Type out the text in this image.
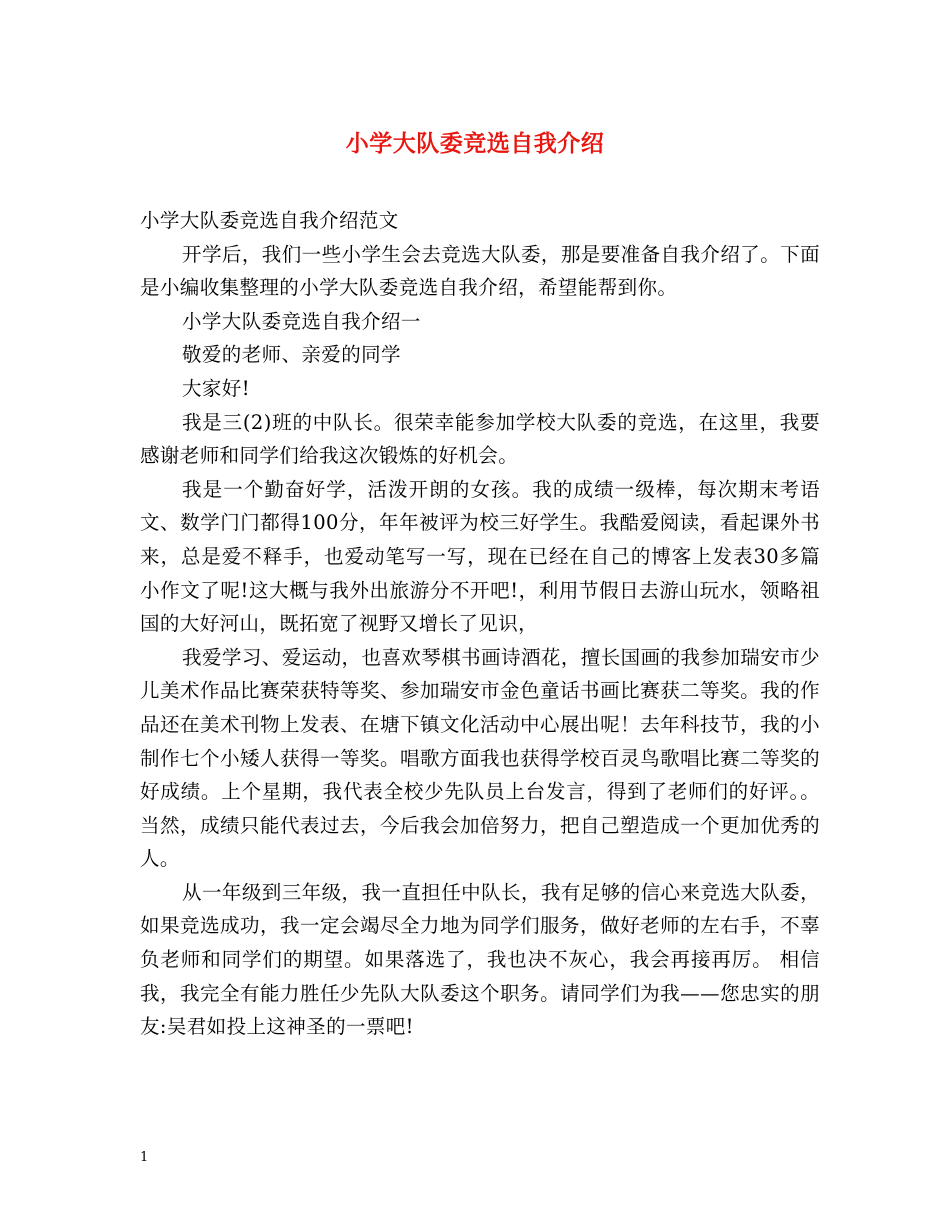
小学大队委竞选自我介绍

小学大队委竞选自我介绍范文

开学后，我们一些小学生会去竞选大队委，那是要准备自我介绍了。下面是小编收集整理的小学大队委竞选自我介绍，希望能帮到你。

小学大队委竞选自我介绍一

敬爱的老师、亲爱的同学

大家好!

我是三(2)班的中队长。很荣幸能参加学校大队委的竞选，在这里，我要感谢老师和同学们给我这次锻炼的好机会。

我是一个勤奋好学，活泼开朗的女孩。我的成绩一级棒，每次期末考语文、数学门门都得100分，年年被评为校三好学生。我酷爱阅读，看起课外书来，总是爱不释手，也爱动笔写一写，现在已经在自己的博客上发表30多篇小作文了呢!这大概与我外出旅游分不开吧!，利用节假日去游山玩水，领略祖国的大好河山，既拓宽了视野又增长了见识，

我爱学习、爱运动，也喜欢琴棋书画诗酒花，擅长国画的我参加瑞安市少儿美术作品比赛荣获特等奖、参加瑞安市金色童话书画比赛获二等奖。我的作品还在美术刊物上发表、在塘下镇文化活动中心展出呢！去年科技节，我的小制作七个小矮人获得一等奖。唱歌方面我也获得学校百灵鸟歌唱比赛二等奖的好成绩。上个星期，我代表全校少先队员上台发言，得到了老师们的好评。。当然，成绩只能代表过去，今后我会加倍努力，把自己塑造成一个更加优秀的人。

从一年级到三年级，我一直担任中队长，我有足够的信心来竞选大队委，如果竞选成功，我一定会竭尽全力地为同学们服务，做好老师的左右手，不辜负老师和同学们的期望。如果落选了，我也决不灰心，我会再接再厉。 相信我，我完全有能力胜任少先队大队委这个职务。请同学们为我——您忠实的朋友:吴君如投上这神圣的一票吧!

1
